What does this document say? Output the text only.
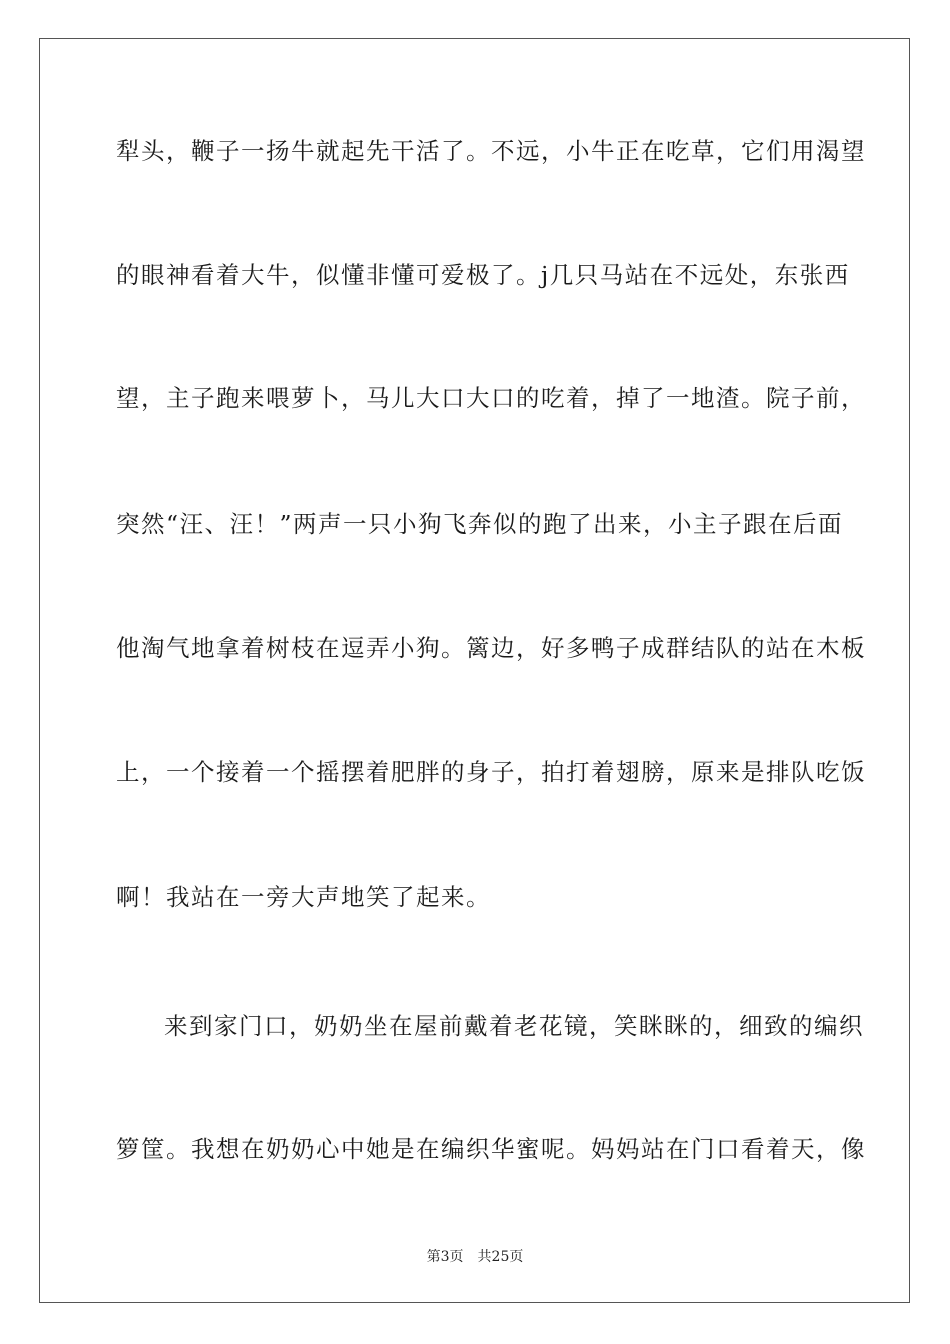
犁头，鞭子一扬牛就起先干活了。不远，小牛正在吃草，它们用渴望
的眼神看着大牛，似懂非懂可爱极了。j几只马站在不远处，东张西
望，主子跑来喂萝卜，马儿大口大口的吃着，掉了一地渣。院子前，
突然“汪、汪！”两声一只小狗飞奔似的跑了出来，小主子跟在后面
他淘气地拿着树枝在逗弄小狗。篱边，好多鸭子成群结队的站在木板
上，一个接着一个摇摆着肥胖的身子，拍打着翅膀，原来是排队吃饭
啊！我站在一旁大声地笑了起来。
来到家门口，奶奶坐在屋前戴着老花镜，笑眯眯的，细致的编织
箩筐。我想在奶奶心中她是在编织华蜜呢。妈妈站在门口看着天，像
第3页 共25页
